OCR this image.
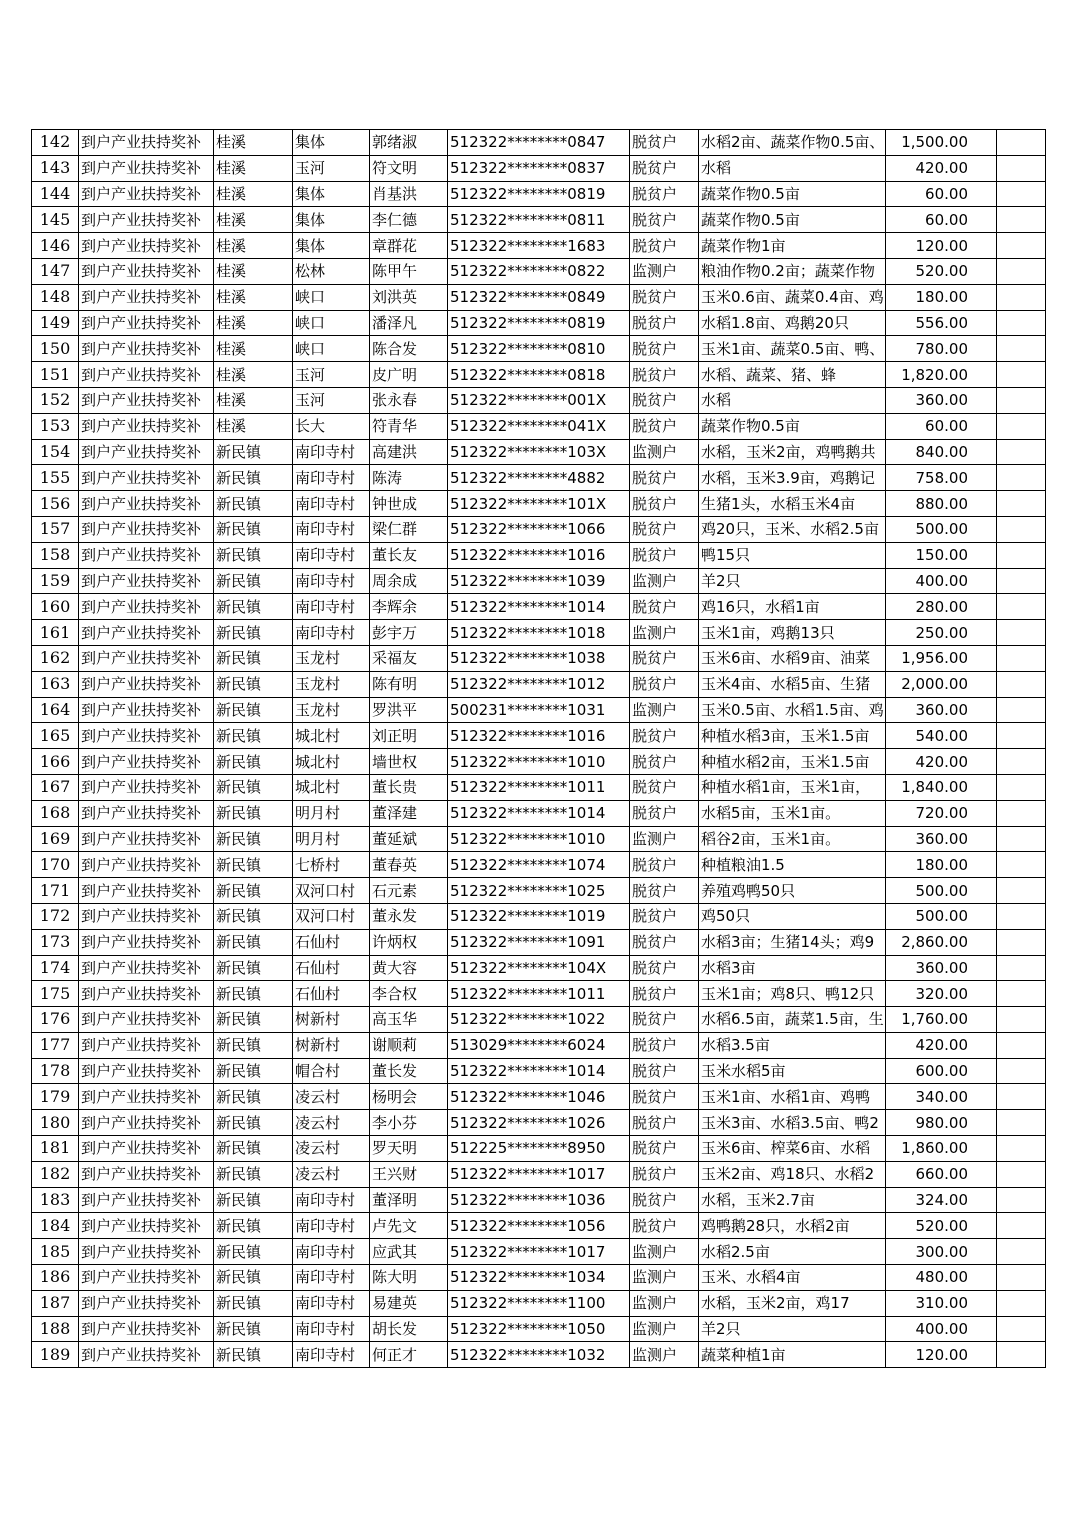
142	到户产业扶持奖补	桂溪	集体	郭绪淑	512322********0847	脱贫户	水稻2亩、蔬菜作物0.5亩、	1,500.00	
143	到户产业扶持奖补	桂溪	玉河	符文明	512322********0837	脱贫户	水稻	420.00	
144	到户产业扶持奖补	桂溪	集体	肖基洪	512322********0819	脱贫户	蔬菜作物0.5亩	60.00	
145	到户产业扶持奖补	桂溪	集体	李仁德	512322********0811	脱贫户	蔬菜作物0.5亩	60.00	
146	到户产业扶持奖补	桂溪	集体	章群花	512322********1683	脱贫户	蔬菜作物1亩	120.00	
147	到户产业扶持奖补	桂溪	松林	陈甲午	512322********0822	监测户	粮油作物0.2亩；蔬菜作物	520.00	
148	到户产业扶持奖补	桂溪	峡口	刘洪英	512322********0849	脱贫户	玉米0.6亩、蔬菜0.4亩、鸡	180.00	
149	到户产业扶持奖补	桂溪	峡口	潘泽凡	512322********0819	脱贫户	水稻1.8亩、鸡鹅20只	556.00	
150	到户产业扶持奖补	桂溪	峡口	陈合发	512322********0810	脱贫户	玉米1亩、蔬菜0.5亩、鸭、	780.00	
151	到户产业扶持奖补	桂溪	玉河	皮广明	512322********0818	脱贫户	水稻、蔬菜、猪、蜂	1,820.00	
152	到户产业扶持奖补	桂溪	玉河	张永春	512322********001X	脱贫户	水稻	360.00	
153	到户产业扶持奖补	桂溪	长大	符青华	512322********041X	脱贫户	蔬菜作物0.5亩	60.00	
154	到户产业扶持奖补	新民镇	南印寺村	高建洪	512322********103X	监测户	水稻，玉米2亩，鸡鸭鹅共	840.00	
155	到户产业扶持奖补	新民镇	南印寺村	陈涛	512322********4882	脱贫户	水稻，玉米3.9亩，鸡鹅记	758.00	
156	到户产业扶持奖补	新民镇	南印寺村	钟世成	512322********101X	脱贫户	生猪1头，水稻玉米4亩	880.00	
157	到户产业扶持奖补	新民镇	南印寺村	梁仁群	512322********1066	脱贫户	鸡20只，玉米、水稻2.5亩	500.00	
158	到户产业扶持奖补	新民镇	南印寺村	董长友	512322********1016	脱贫户	鸭15只	150.00	
159	到户产业扶持奖补	新民镇	南印寺村	周余成	512322********1039	监测户	羊2只	400.00	
160	到户产业扶持奖补	新民镇	南印寺村	李辉余	512322********1014	脱贫户	鸡16只，水稻1亩	280.00	
161	到户产业扶持奖补	新民镇	南印寺村	彭宇万	512322********1018	监测户	玉米1亩，鸡鹅13只	250.00	
162	到户产业扶持奖补	新民镇	玉龙村	采福友	512322********1038	脱贫户	玉米6亩、水稻9亩、油菜	1,956.00	
163	到户产业扶持奖补	新民镇	玉龙村	陈有明	512322********1012	脱贫户	玉米4亩、水稻5亩、生猪	2,000.00	
164	到户产业扶持奖补	新民镇	玉龙村	罗洪平	500231********1031	监测户	玉米0.5亩、水稻1.5亩、鸡	360.00	
165	到户产业扶持奖补	新民镇	城北村	刘正明	512322********1016	脱贫户	种植水稻3亩，玉米1.5亩	540.00	
166	到户产业扶持奖补	新民镇	城北村	墙世权	512322********1010	脱贫户	种植水稻2亩，玉米1.5亩	420.00	
167	到户产业扶持奖补	新民镇	城北村	董长贵	512322********1011	脱贫户	种植水稻1亩，玉米1亩，	1,840.00	
168	到户产业扶持奖补	新民镇	明月村	董泽建	512322********1014	脱贫户	水稻5亩，玉米1亩。	720.00	
169	到户产业扶持奖补	新民镇	明月村	董延斌	512322********1010	监测户	稻谷2亩，玉米1亩。	360.00	
170	到户产业扶持奖补	新民镇	七桥村	董春英	512322********1074	脱贫户	种植粮油1.5	180.00	
171	到户产业扶持奖补	新民镇	双河口村	石元素	512322********1025	脱贫户	养殖鸡鸭50只	500.00	
172	到户产业扶持奖补	新民镇	双河口村	董永发	512322********1019	脱贫户	鸡50只	500.00	
173	到户产业扶持奖补	新民镇	石仙村	许炳权	512322********1091	脱贫户	水稻3亩；生猪14头；鸡9	2,860.00	
174	到户产业扶持奖补	新民镇	石仙村	黄大容	512322********104X	脱贫户	水稻3亩	360.00	
175	到户产业扶持奖补	新民镇	石仙村	李合权	512322********1011	脱贫户	玉米1亩；鸡8只、鸭12只	320.00	
176	到户产业扶持奖补	新民镇	树新村	高玉华	512322********1022	脱贫户	水稻6.5亩，蔬菜1.5亩，生	1,760.00	
177	到户产业扶持奖补	新民镇	树新村	谢顺莉	513029********6024	脱贫户	水稻3.5亩	420.00	
178	到户产业扶持奖补	新民镇	帽合村	董长发	512322********1014	脱贫户	玉米水稻5亩	600.00	
179	到户产业扶持奖补	新民镇	凌云村	杨明会	512322********1046	脱贫户	玉米1亩、水稻1亩、鸡鸭	340.00	
180	到户产业扶持奖补	新民镇	凌云村	李小芬	512322********1026	脱贫户	玉米3亩、水稻3.5亩、鸭2	980.00	
181	到户产业扶持奖补	新民镇	凌云村	罗天明	512225********8950	脱贫户	玉米6亩、榨菜6亩、水稻	1,860.00	
182	到户产业扶持奖补	新民镇	凌云村	王兴财	512322********1017	脱贫户	玉米2亩、鸡18只、水稻2	660.00	
183	到户产业扶持奖补	新民镇	南印寺村	董泽明	512322********1036	脱贫户	水稻，玉米2.7亩	324.00	
184	到户产业扶持奖补	新民镇	南印寺村	卢先文	512322********1056	脱贫户	鸡鸭鹅28只，水稻2亩	520.00	
185	到户产业扶持奖补	新民镇	南印寺村	应武其	512322********1017	监测户	水稻2.5亩	300.00	
186	到户产业扶持奖补	新民镇	南印寺村	陈大明	512322********1034	监测户	玉米、水稻4亩	480.00	
187	到户产业扶持奖补	新民镇	南印寺村	易建英	512322********1100	监测户	水稻，玉米2亩，鸡17	310.00	
188	到户产业扶持奖补	新民镇	南印寺村	胡长发	512322********1050	监测户	羊2只	400.00	
189	到户产业扶持奖补	新民镇	南印寺村	何正才	512322********1032	监测户	蔬菜种植1亩	120.00	
